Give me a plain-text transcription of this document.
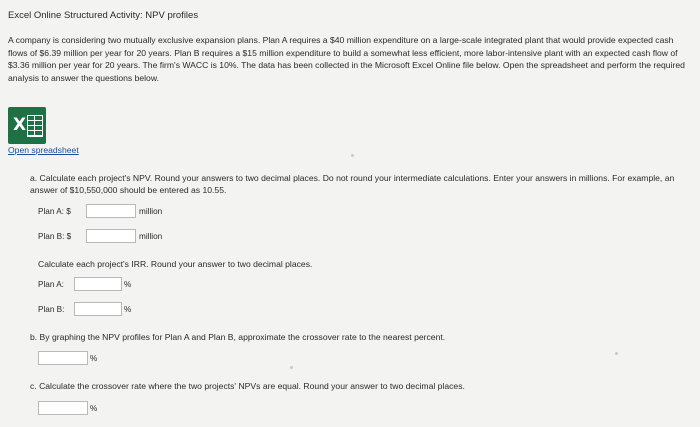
Excel Online Structured Activity: NPV profiles
A company is considering two mutually exclusive expansion plans. Plan A requires a $40 million expenditure on a large-scale integrated plant that would provide expected cash flows of $6.39 million per year for 20 years. Plan B requires a $15 million expenditure to build a somewhat less efficient, more labor-intensive plant with an expected cash flow of $3.36 million per year for 20 years. The firm's WACC is 10%. The data has been collected in the Microsoft Excel Online file below. Open the spreadsheet and perform the required analysis to answer the questions below.
X
Open spreadsheet
a. Calculate each project's NPV. Round your answers to two decimal places. Do not round your intermediate calculations. Enter your answers in millions. For example, an answer of $10,550,000 should be entered as 10.55.
Plan A: $	million
Plan B: $	million
Calculate each project's IRR. Round your answer to two decimal places.
Plan A:	%
Plan B:	%
b. By graphing the NPV profiles for Plan A and Plan B, approximate the crossover rate to the nearest percent.
%
c. Calculate the crossover rate where the two projects' NPVs are equal. Round your answer to two decimal places.
%
